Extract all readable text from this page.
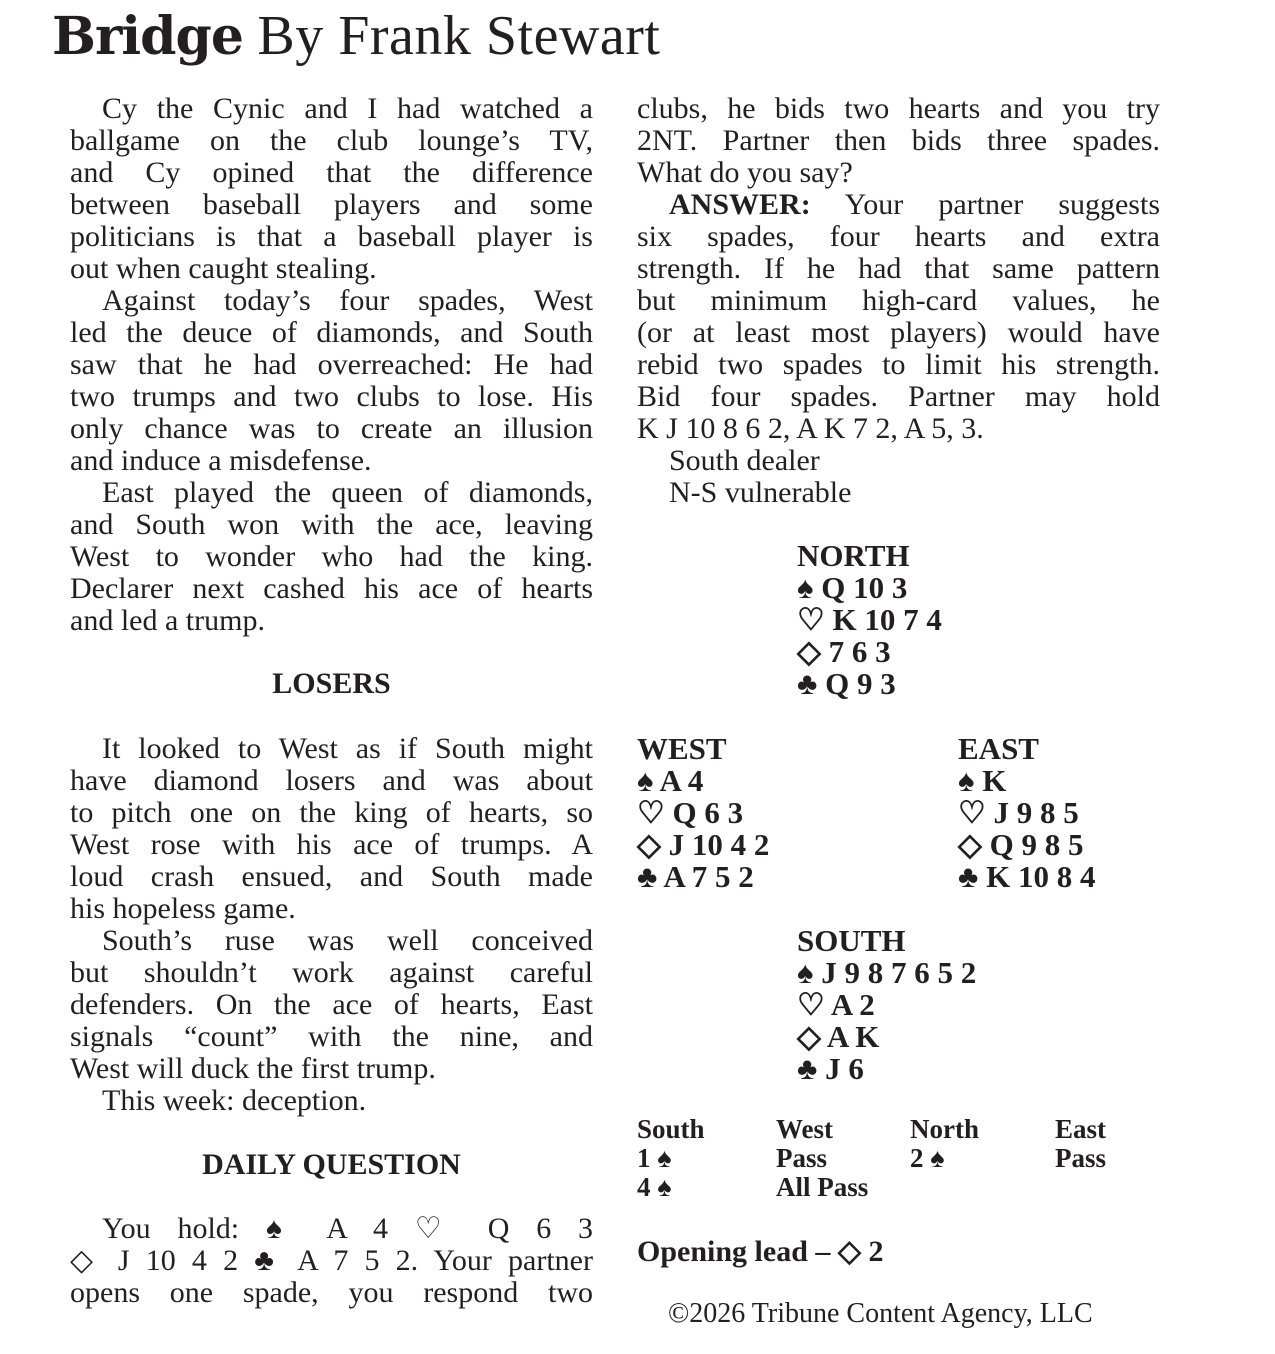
Bridge By Frank Stewart
Cy the Cynic and I had watched a
ballgame on the club lounge’s TV,
and Cy opined that the difference
between baseball players and some
politicians is that a baseball player is
out when caught stealing.
Against today’s four spades, West
led the deuce of diamonds, and South
saw that he had overreached: He had
two trumps and two clubs to lose. His
only chance was to create an illusion
and induce a misdefense.
East played the queen of diamonds,
and South won with the ace, leaving
West to wonder who had the king.
Declarer next cashed his ace of hearts
and led a trump.
LOSERS
It looked to West as if South might
have diamond losers and was about
to pitch one on the king of hearts, so
West rose with his ace of trumps. A
loud crash ensued, and South made
his hopeless game.
South’s ruse was well conceived
but shouldn’t work against careful
defenders. On the ace of hearts, East
signals “count” with the nine, and
West will duck the first trump.
This week: deception.
DAILY QUESTION
You hold: ♠ A 4 ♡ Q 6 3
◇ J 10 4 2 ♣ A 7 5 2. Your partner
opens one spade, you respond two
clubs, he bids two hearts and you try
2NT. Partner then bids three spades.
What do you say?
ANSWER: Your partner suggests
six spades, four hearts and extra
strength. If he had that same pattern
but minimum high-card values, he
(or at least most players) would have
rebid two spades to limit his strength.
Bid four spades. Partner may hold
K J 10 8 6 2, A K 7 2, A 5, 3.
South dealer
N-S vulnerable
NORTH
♠ Q 10 3
♡ K 10 7 4
◇ 7 6 3
♣ Q 9 3
WEST
♠ A 4
♡ Q 6 3
◇ J 10 4 2
♣ A 7 5 2
EAST
♠ K
♡ J 9 8 5
◇ Q 9 8 5
♣ K 10 8 4
SOUTH
♠ J 9 8 7 6 5 2
♡ A 2
◇ A K
♣ J 6
South
1 ♠
4 ♠
West
Pass
All Pass
North
2 ♠
East
Pass
Opening lead – ◇ 2
©2026 Tribune Content Agency, LLC
